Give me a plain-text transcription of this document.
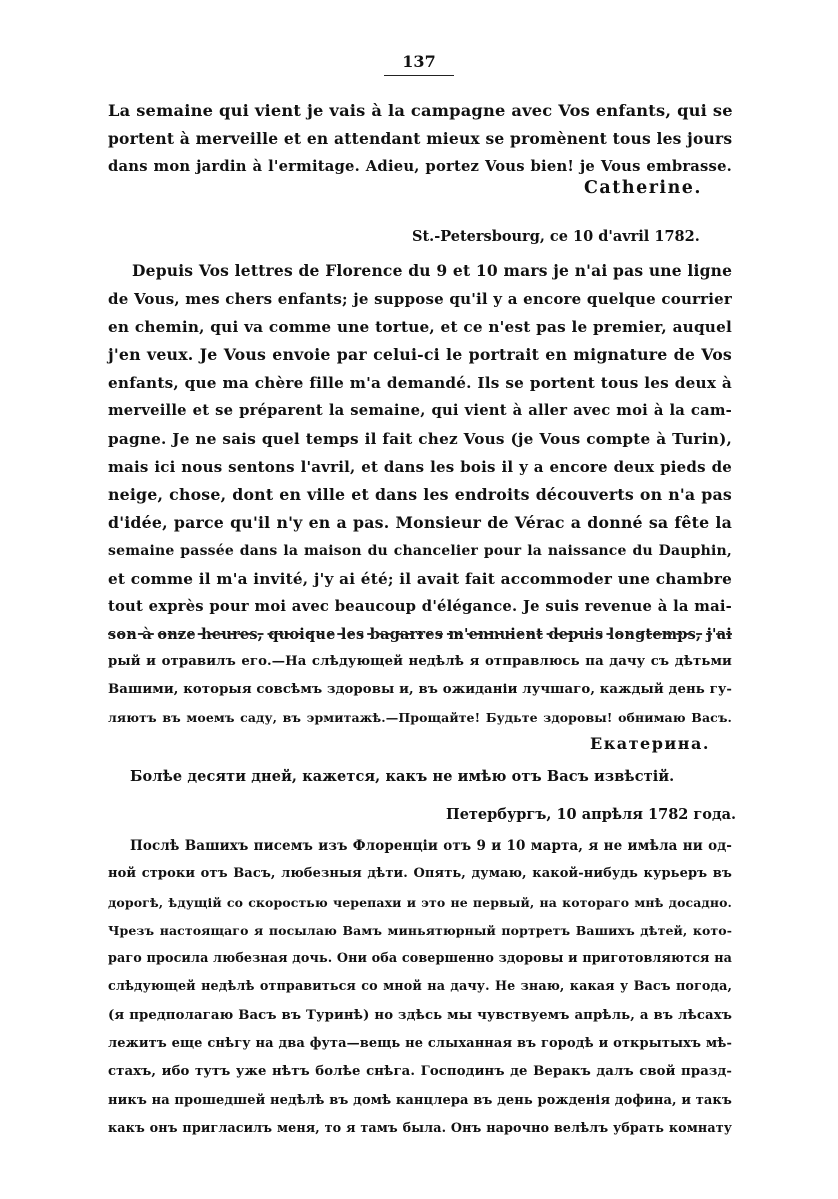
137
La semaine qui vient je vais à la campagne avec Vos enfants, qui se
portent à merveille et en attendant mieux se promènent tous les jours
dans mon jardin à l'ermitage. Adieu, portez Vous bien! je Vous embrasse.
Catherine.
St.-Petersbourg, ce 10 d'avril 1782.
Depuis Vos lettres de Florence du 9 et 10 mars je n'ai pas une ligne
de Vous, mes chers enfants; je suppose qu'il y a encore quelque courrier
en chemin, qui va comme une tortue, et ce n'est pas le premier, auquel
j'en veux. Je Vous envoie par celui-ci le portrait en mignature de Vos
enfants, que ma chère fille m'a demandé. Ils se portent tous les deux à
merveille et se préparent la semaine, qui vient à aller avec moi à la cam-
pagne. Je ne sais quel temps il fait chez Vous (je Vous compte à Turin),
mais ici nous sentons l'avril, et dans les bois il y a encore deux pieds de
neige, chose, dont en ville et dans les endroits découverts on n'a pas
d'idée, parce qu'il n'y en a pas. Monsieur de Vérac a donné sa fête la
semaine passée dans la maison du chancelier pour la naissance du Dauphin,
et comme il m'a invité, j'y ai été; il avait fait accommoder une chambre
tout exprès pour moi avec beaucoup d'élégance. Je suis revenue à la mai-
son à onze heures, quoique les bagarres m'ennuient depuis longtemps, j'ai
рый и отравилъ его.—На слѣдующей недѣлѣ я отправлюсь па дачу съ дѣтьми
Вашими, которыя совсѣмъ здоровы и, въ ожиданіи лучшаго, каждый день гу-
ляютъ въ моемъ саду, въ эрмитажѣ.—Прощайте! Будьте здоровы! обнимаю Васъ.
Екатерина.
Болѣе десяти дней, кажется, какъ не имѣю отъ Васъ извѣстій.
Петербургъ, 10 апрѣля 1782 года.
Послѣ Вашихъ писемъ изъ Флоренціи отъ 9 и 10 марта, я не имѣла ни од-
ной строки отъ Васъ, любезныя дѣти. Опять, думаю, какой-нибудь курьеръ въ
дорогѣ, ѣдущій со скоростью черепахи и это не первый, на котораго мнѣ досадно.
Чрезъ настоящаго я посылаю Вамъ миньятюрный портретъ Вашихъ дѣтей, кото-
раго просила любезная дочь. Они оба совершенно здоровы и приготовляются на
слѣдующей недѣлѣ отправиться со мной на дачу. Не знаю, какая у Васъ погода,
(я предполагаю Васъ въ Туринѣ) но здѣсь мы чувствуемъ апрѣль, а въ лѣсахъ
лежитъ еще снѣгу на два фута—вещь не слыханная въ городѣ и открытыхъ мѣ-
стахъ, ибо тутъ уже нѣтъ болѣе снѣга. Господинъ де Веракъ далъ свой празд-
никъ на прошедшей недѣлѣ въ домѣ канцлера въ день рожденія дофина, и такъ
какъ онъ пригласилъ меня, то я тамъ была. Онъ нарочно велѣлъ убрать комнату
